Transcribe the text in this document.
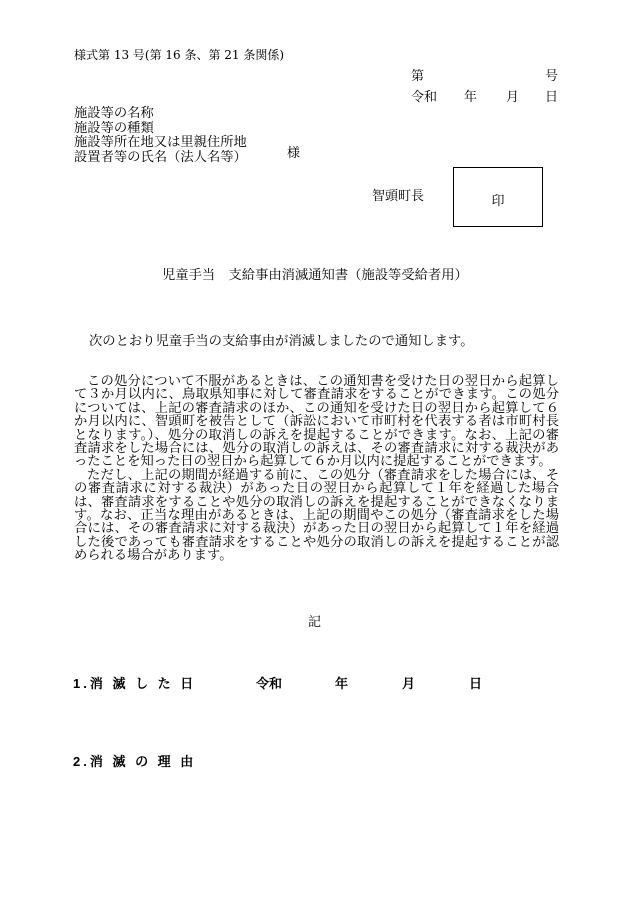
様式第 13 号(第 16 条、第 21 条関係)
第	号
令和 年 月 日
施設等の名称
施設等の種類
施設等所在地又は里親住所地
設置者等の氏名（法人名等）	様
智頭町長	印
児童手当　支給事由消滅通知書（施設等受給者用）
次のとおり児童手当の支給事由が消滅しましたので通知します。

この処分について不服があるときは、この通知書を受けた日の翌日から起算して３か月以内に、鳥取県知事に対して審査請求をすることができます。この処分については、上記の審査請求のほか、この通知を受けた日の翌日から起算して６か月以内に、智頭町を被告として（訴訟において市町村を代表する者は市町村長となります。）、処分の取消しの訴えを提起することができます。なお、上記の審査請求をした場合には、処分の取消しの訴えは、その審査請求に対する裁決があったことを知った日の翌日から起算して６か月以内に提起することができます。

ただし、上記の期間が経過する前に、この処分（審査請求をした場合には、その審査請求に対する裁決）があった日の翌日から起算して１年を経過した場合は、審査請求をすることや処分の取消しの訴えを提起することができなくなります。なお、正当な理由があるときは、上記の期間やこの処分（審査請求をした場合には、その審査請求に対する裁決）があった日の翌日から起算して１年を経過した後であっても審査請求をすることや処分の取消しの訴えを提起することが認められる場合があります。

記
1.消 滅 し た 日	令和	年	月	日
2.消 滅 の 理 由
